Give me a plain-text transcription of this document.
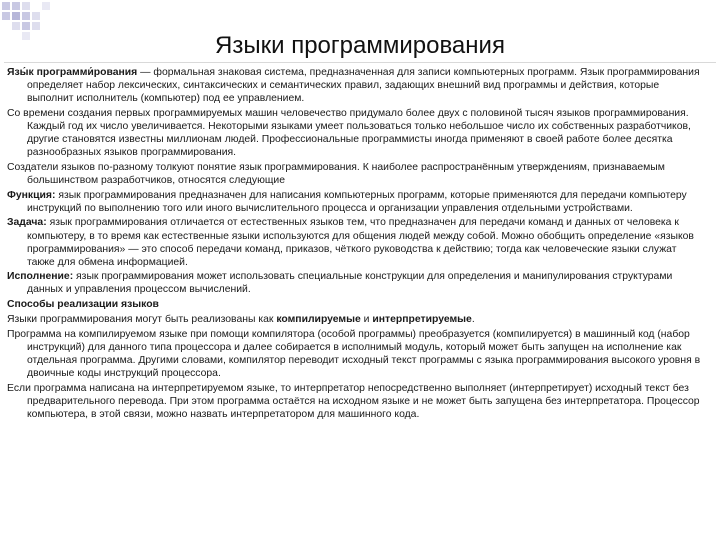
Языки программирования

Язы́к программи́рования — формальная знаковая система, предназначенная для записи компьютерных программ. Язык программирования определяет набор лексических, синтаксических и семантических правил, задающих внешний вид программы и действия, которые выполнит исполнитель (компьютер) под ее управлением.

Со времени создания первых программируемых машин человечество придумало более двух с половиной тысяч языков программирования. Каждый год их число увеличивается. Некоторыми языками умеет пользоваться только небольшое число их собственных разработчиков, другие становятся известны миллионам людей. Профессиональные программисты иногда применяют в своей работе более десятка разнообразных языков программирования.

Создатели языков по-разному толкуют понятие язык программирования. К наиболее распространённым утверждениям, признаваемым большинством разработчиков, относятся следующие

Функция: язык программирования предназначен для написания компьютерных программ, которые применяются для передачи компьютеру инструкций по выполнению того или иного вычислительного процесса и организации управления отдельными устройствами.

Задача: язык программирования отличается от естественных языков тем, что предназначен для передачи команд и данных от человека к компьютеру, в то время как естественные языки используются для общения людей между собой. Можно обобщить определение «языков программирования» — это способ передачи команд, приказов, чёткого руководства к действию; тогда как человеческие языки служат также для обмена информацией.

Исполнение: язык программирования может использовать специальные конструкции для определения и манипулирования структурами данных и управления процессом вычислений.

Способы реализации языков

Языки программирования могут быть реализованы как компилируемые и интерпретируемые.

Программа на компилируемом языке при помощи компилятора (особой программы) преобразуется (компилируется) в машинный код (набор инструкций) для данного типа процессора и далее собирается в исполнимый модуль, который может быть запущен на исполнение как отдельная программа. Другими словами, компилятор переводит исходный текст программы с языка программирования высокого уровня в двоичные коды инструкций процессора.

Если программа написана на интерпретируемом языке, то интерпретатор непосредственно выполняет (интерпретирует) исходный текст без предварительного перевода. При этом программа остаётся на исходном языке и не может быть запущена без интерпретатора. Процессор компьютера, в этой связи, можно назвать интерпретатором для машинного кода.
